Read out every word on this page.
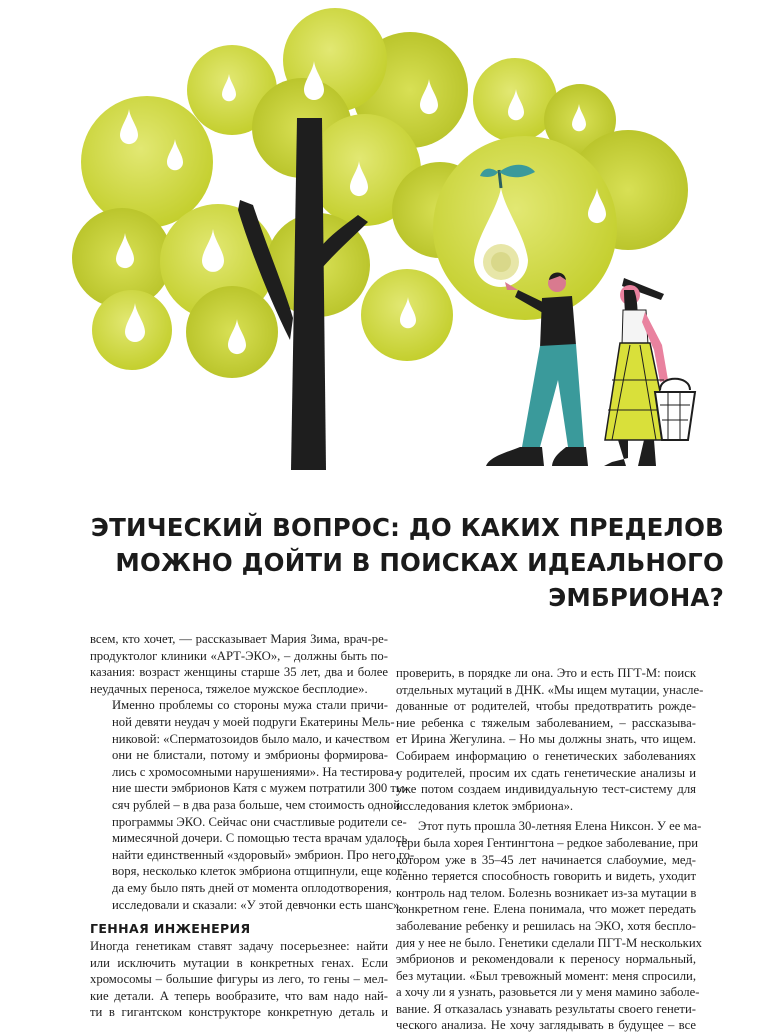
ЭТИЧЕСКИЙ ВОПРОС: ДО КАКИХ ПРЕДЕЛОВ
МОЖНО ДОЙТИ В ПОИСКАХ ИДЕАЛЬНОГО
ЭМБРИОНА?

всем, кто хочет, — рассказывает Мария Зима, врач-ре-
продуктолог клиники «АРТ-ЭКО», – должны быть по-
казания: возраст женщины старше 35 лет, два и более
неудачных переноса, тяжелое мужское бесплодие».

Именно проблемы со стороны мужа стали причи-
ной девяти неудач у моей подруги Екатерины Мель-
никовой: «Сперматозоидов было мало, и качеством
они не блистали, потому и эмбрионы формирова-
лись с хромосомными нарушениями». На тестирова-
ние шести эмбрионов Катя с мужем потратили 300 ты-
сяч рублей – в два раза больше, чем стоимость одной
программы ЭКО. Сейчас они счастливые родители се-
мимесячной дочери. С помощью теста врачам удалось
найти единственный «здоровый» эмбрион. Про него го-
воря, несколько клеток эмбриона отщипнули, еще ког-
да ему было пять дней от момента оплодотворения,
исследовали и сказали: «У этой девчонки есть шанс».

ГЕННАЯ ИНЖЕНЕРИЯ

Иногда генетикам ставят задачу посерьезнее: найти
или исключить мутации в конкретных генах. Если
хромосомы – большие фигуры из лего, то гены – мел-
кие детали. А теперь вообразите, что вам надо най-
ти в гигантском конструкторе конкретную деталь и

проверить, в порядке ли она. Это и есть ПГТ-М: поиск
отдельных мутаций в ДНК. «Мы ищем мутации, унасле-
дованные от родителей, чтобы предотвратить рожде-
ние ребенка с тяжелым заболеванием, – рассказыва-
ет Ирина Жегулина. – Но мы должны знать, что ищем.
Собираем информацию о генетических заболеваниях
у родителей, просим их сдать генетические анализы и
уже потом создаем индивидуальную тест-систему для
исследования клеток эмбриона».

Этот путь прошла 30-летняя Елена Никсон. У ее ма-
тери была хорея Гентингтона – редкое заболевание, при
котором уже в 35–45 лет начинается слабоумие, мед-
ленно теряется способность говорить и видеть, уходит
контроль над телом. Болезнь возникает из-за мутации в
конкретном гене. Елена понимала, что может передать
заболевание ребенку и решилась на ЭКО, хотя беспло-
дия у нее не было. Генетики сделали ПГТ-М нескольких
эмбрионов и рекомендовали к переносу нормальный,
без мутации. «Был тревожный момент: меня спросили,
а хочу ли я узнать, разовьется ли у меня мамино заболе-
вание. Я отказалась узнавать результаты своего генети-
ческого анализа. Не хочу заглядывать в будущее – все
